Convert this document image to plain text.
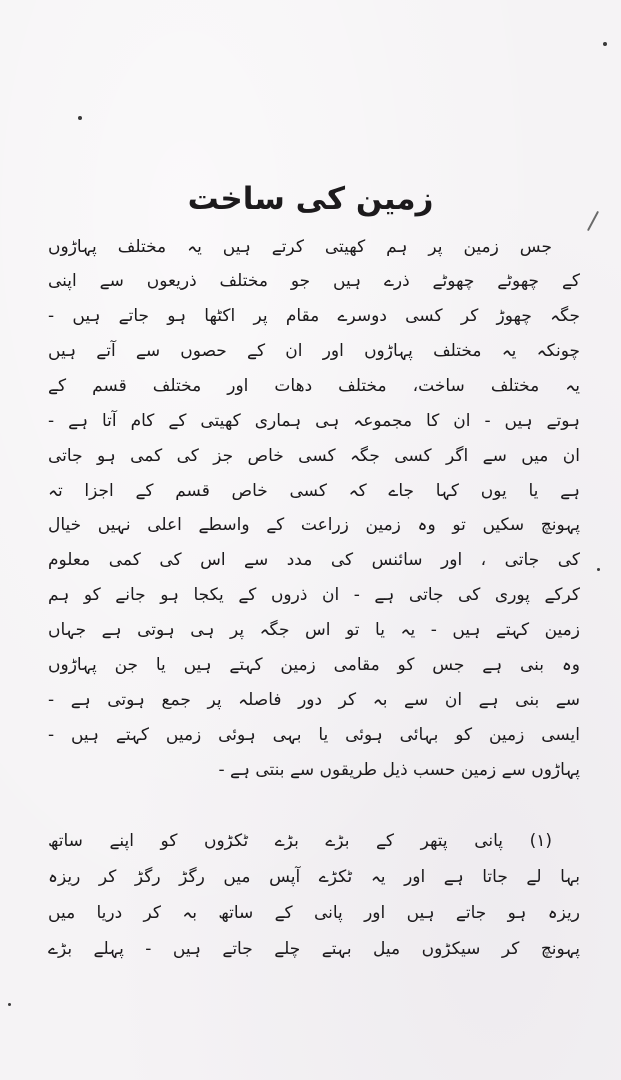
زمین کی ساخت

جس زمین پر ہم کھیتی کرتے ہیں یہ مختلف پہاڑوں

کے چھوٹے چھوٹے ذرے ہیں جو مختلف ذریعوں سے اپنی

جگہ چھوڑ کر کسی دوسرے مقام پر اکٹھا ہو جاتے ہیں -

چونکہ یہ مختلف پہاڑوں اور ان کے حصوں سے آتے ہیں

یہ مختلف ساخت، مختلف دھات اور مختلف قسم کے

ہوتے ہیں - ان کا مجموعہ ہی ہماری کھیتی کے کام آتا ہے -

ان میں سے اگر کسی جگہ کسی خاص جز کی کمی ہو جاتی

ہے یا یوں کہا جاے کہ کسی خاص قسم کے اجزا تہ

پہونچ سکیں تو وہ زمین زراعت کے واسطے اعلی نہیں خیال

کی جاتی ، اور سائنس کی مدد سے اس کی کمی معلوم

کرکے پوری کی جاتی ہے - ان ذروں کے یکجا ہو جانے کو ہم

زمین کہتے ہیں - یہ یا تو اس جگہ پر ہی ہوتی ہے جہاں

وہ بنی ہے جس کو مقامی زمین کہتے ہیں یا جن پہاڑوں

سے بنی ہے ان سے بہ کر دور فاصلہ پر جمع ہوتی ہے -

ایسی زمین کو بہائی ہوئی یا بہی ہوئی زمیں کہتے ہیں -

پہاڑوں سے زمین حسب ذیل طریقوں سے بنتی ہے -

(۱) پانی پتھر کے بڑے بڑے ٹکڑوں کو اپنے ساتھ

بہا لے جاتا ہے اور یہ ٹکڑے آپس میں رگڑ رگڑ کر ریزہ

ریزہ ہو جاتے ہیں اور پانی کے ساتھ بہ کر دریا میں

پہونچ کر سیکڑوں میل بہتے چلے جاتے ہیں - پہلے بڑے
